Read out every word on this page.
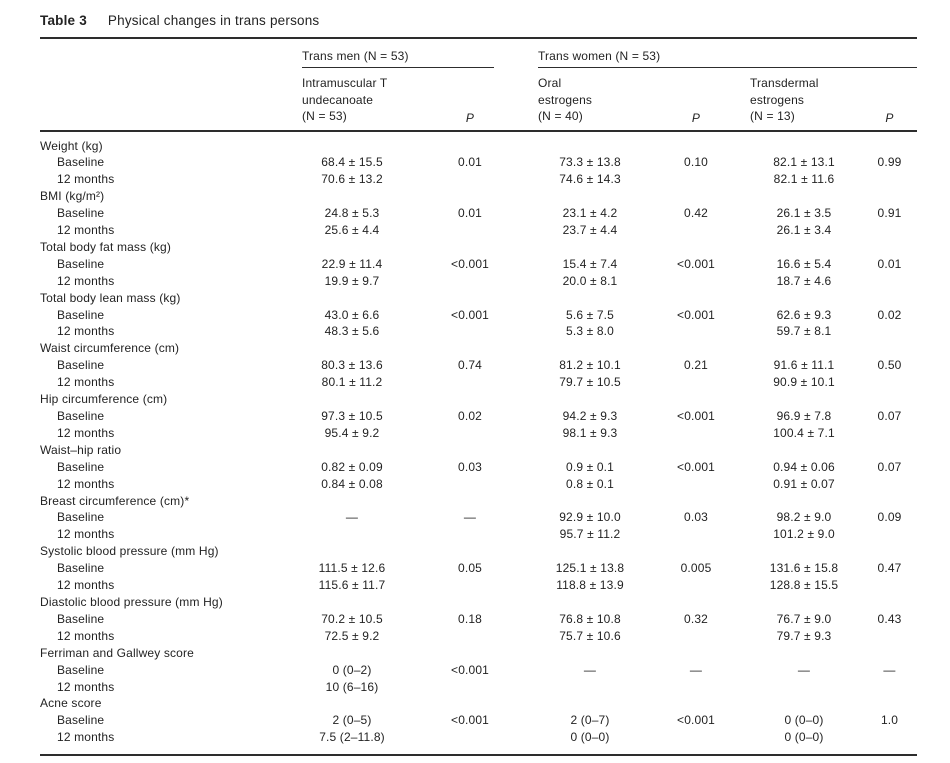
Table 3 Physical changes in trans persons
	Trans men (N = 53)		Trans women (N = 53)			
	Intramuscular T
undecanoate
(N = 53)	P	Oral
estrogens
(N = 40)	P	Transdermal
estrogens
(N = 13)	P
Weight (kg)						
Baseline	68.4 ± 15.5	0.01	73.3 ± 13.8	0.10	82.1 ± 13.1	0.99
12 months	70.6 ± 13.2		74.6 ± 14.3		82.1 ± 11.6	
BMI (kg/m²)						
Baseline	24.8 ± 5.3	0.01	23.1 ± 4.2	0.42	26.1 ± 3.5	0.91
12 months	25.6 ± 4.4		23.7 ± 4.4		26.1 ± 3.4	
Total body fat mass (kg)						
Baseline	22.9 ± 11.4	<0.001	15.4 ± 7.4	<0.001	16.6 ± 5.4	0.01
12 months	19.9 ± 9.7		20.0 ± 8.1		18.7 ± 4.6	
Total body lean mass (kg)						
Baseline	43.0 ± 6.6	<0.001	5.6 ± 7.5	<0.001	62.6 ± 9.3	0.02
12 months	48.3 ± 5.6		5.3 ± 8.0		59.7 ± 8.1	
Waist circumference (cm)						
Baseline	80.3 ± 13.6	0.74	81.2 ± 10.1	0.21	91.6 ± 11.1	0.50
12 months	80.1 ± 11.2		79.7 ± 10.5		90.9 ± 10.1	
Hip circumference (cm)						
Baseline	97.3 ± 10.5	0.02	94.2 ± 9.3	<0.001	96.9 ± 7.8	0.07
12 months	95.4 ± 9.2		98.1 ± 9.3		100.4 ± 7.1	
Waist–hip ratio						
Baseline	0.82 ± 0.09	0.03	0.9 ± 0.1	<0.001	0.94 ± 0.06	0.07
12 months	0.84 ± 0.08		0.8 ± 0.1		0.91 ± 0.07	
Breast circumference (cm)*						
Baseline	—	—	92.9 ± 10.0	0.03	98.2 ± 9.0	0.09
12 months			95.7 ± 11.2		101.2 ± 9.0	
Systolic blood pressure (mm Hg)						
Baseline	111.5 ± 12.6	0.05	125.1 ± 13.8	0.005	131.6 ± 15.8	0.47
12 months	115.6 ± 11.7		118.8 ± 13.9		128.8 ± 15.5	
Diastolic blood pressure (mm Hg)						
Baseline	70.2 ± 10.5	0.18	76.8 ± 10.8	0.32	76.7 ± 9.0	0.43
12 months	72.5 ± 9.2		75.7 ± 10.6		79.7 ± 9.3	
Ferriman and Gallwey score						
Baseline	0 (0–2)	<0.001	—	—	—	—
12 months	10 (6–16)					
Acne score						
Baseline	2 (0–5)	<0.001	2 (0–7)	<0.001	0 (0–0)	1.0
12 months	7.5 (2–11.8)		0 (0–0)		0 (0–0)	
